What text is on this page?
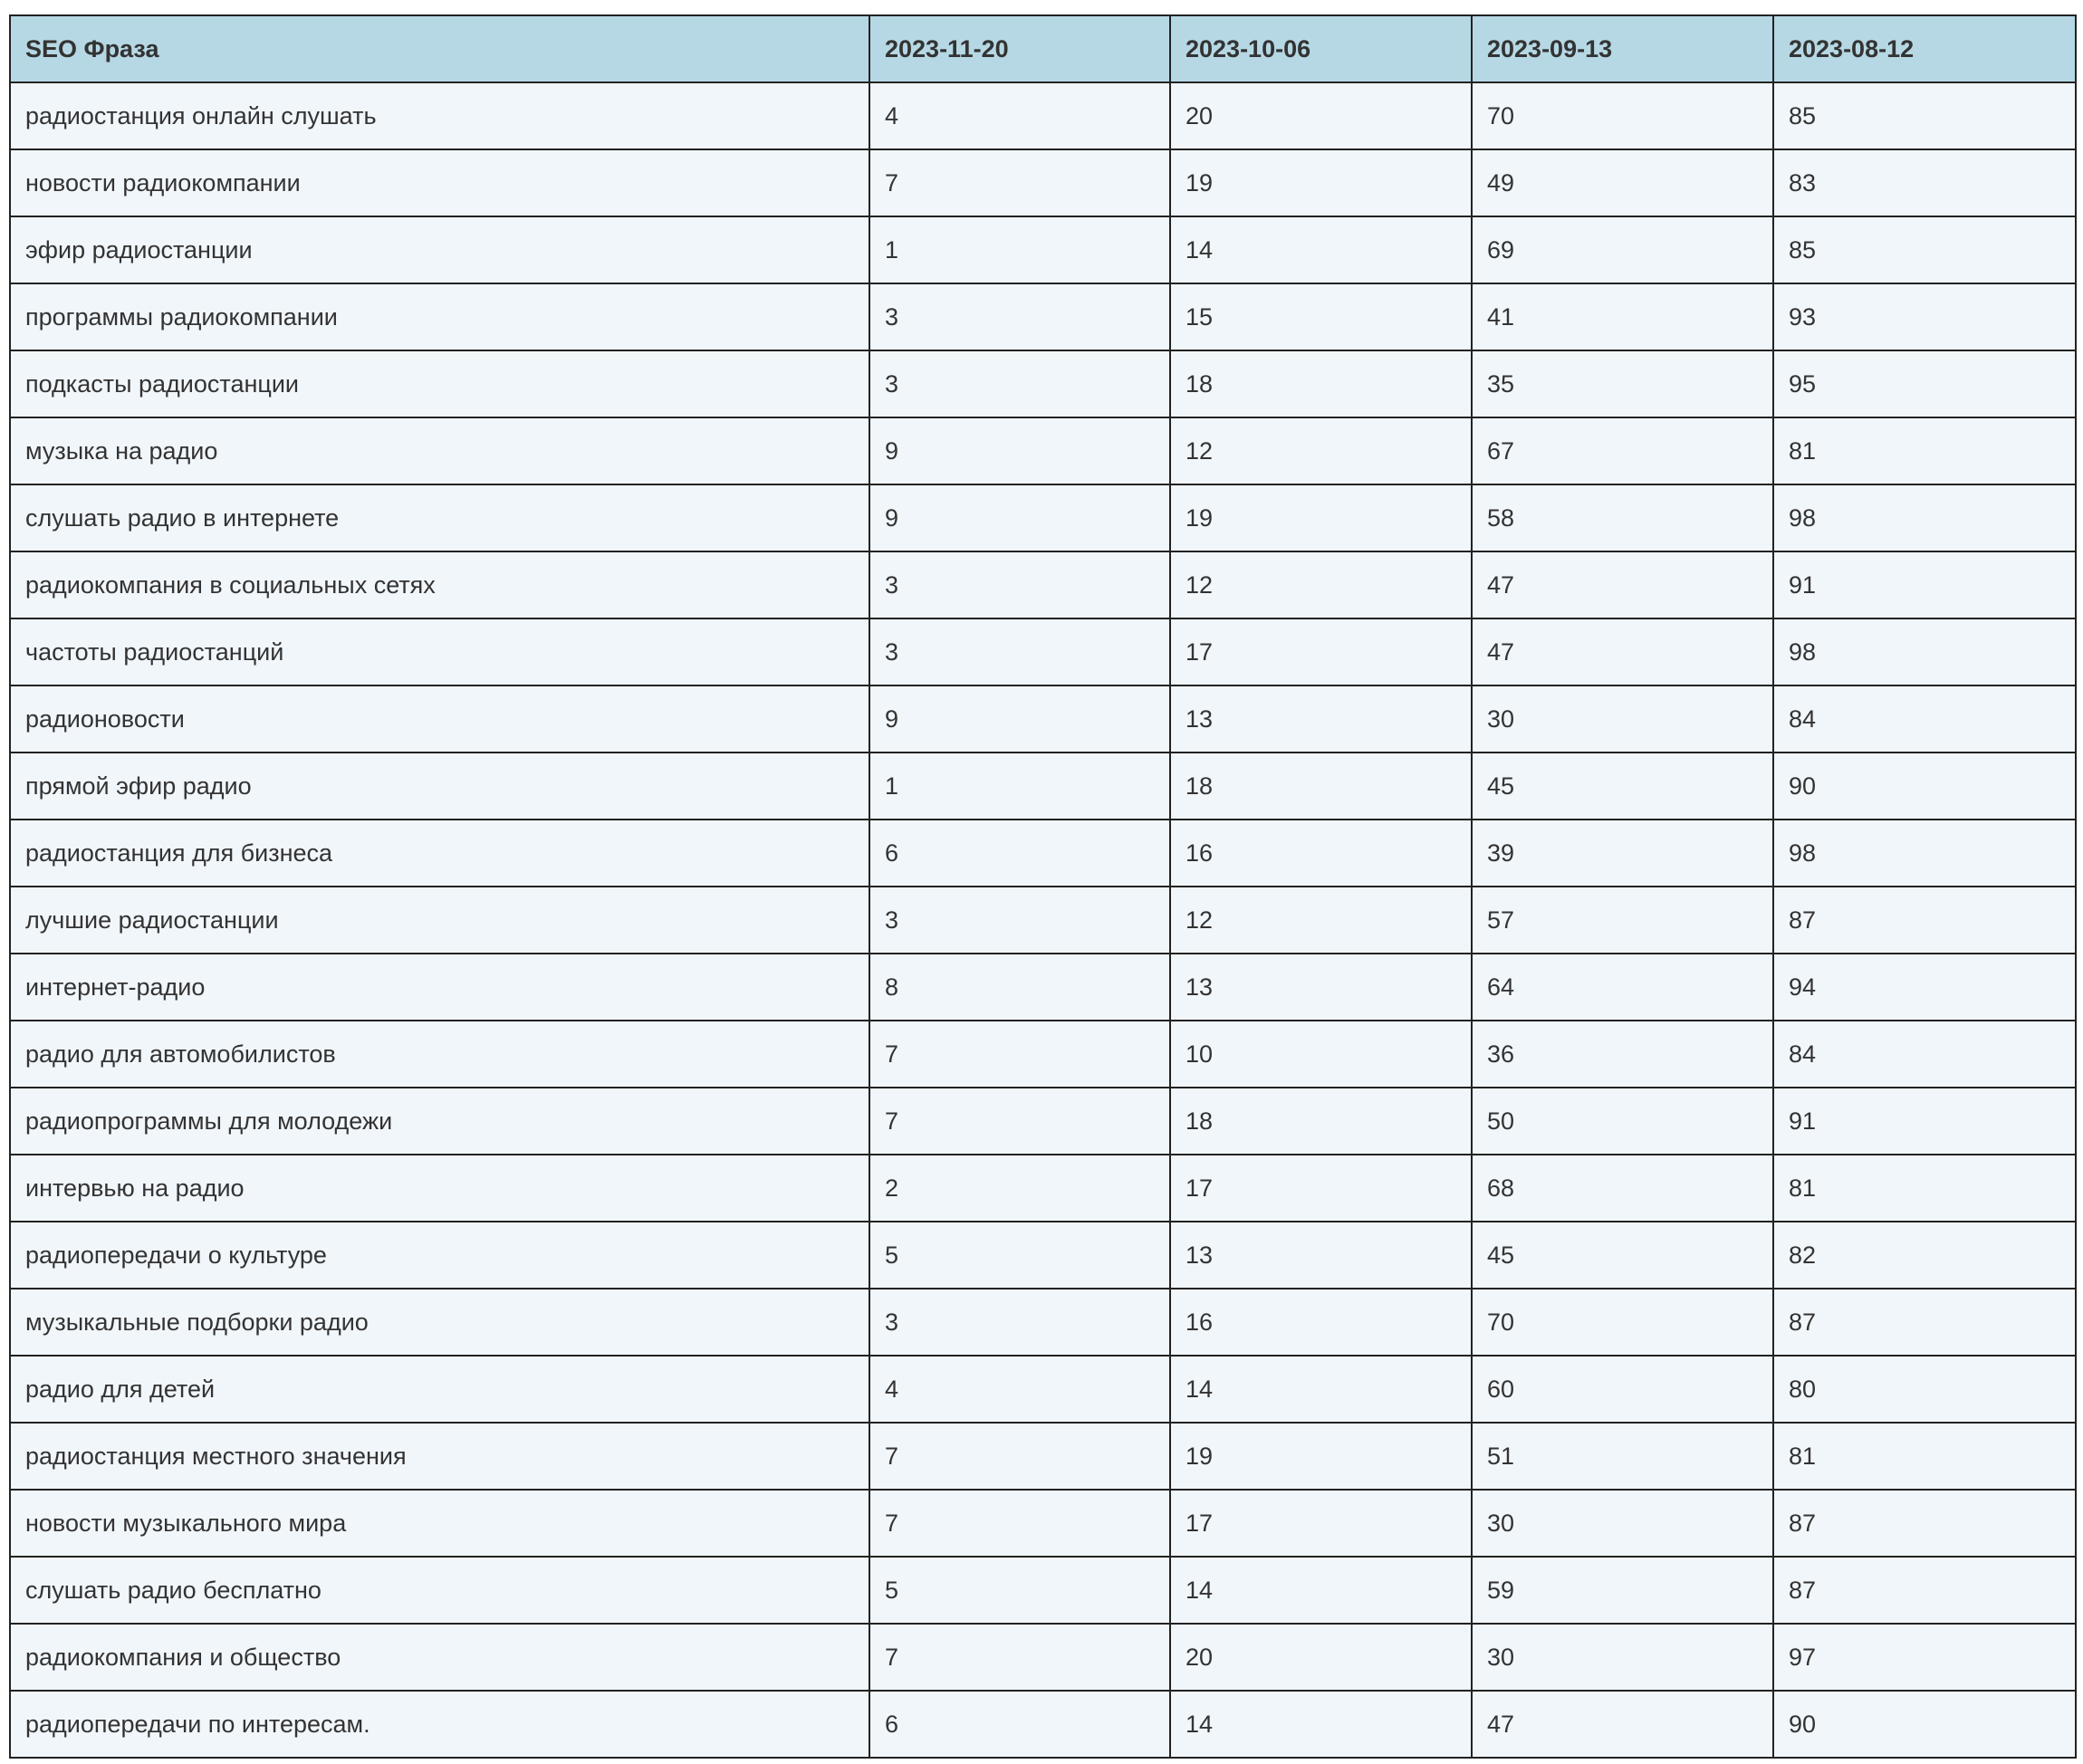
SEO Фраза	2023-11-20	2023-10-06	2023-09-13	2023-08-12
радиостанция онлайн слушать	4	20	70	85
новости радиокомпании	7	19	49	83
эфир радиостанции	1	14	69	85
программы радиокомпании	3	15	41	93
подкасты радиостанции	3	18	35	95
музыка на радио	9	12	67	81
слушать радио в интернете	9	19	58	98
радиокомпания в социальных сетях	3	12	47	91
частоты радиостанций	3	17	47	98
радионовости	9	13	30	84
прямой эфир радио	1	18	45	90
радиостанция для бизнеса	6	16	39	98
лучшие радиостанции	3	12	57	87
интернет-радио	8	13	64	94
радио для автомобилистов	7	10	36	84
радиопрограммы для молодежи	7	18	50	91
интервью на радио	2	17	68	81
радиопередачи о культуре	5	13	45	82
музыкальные подборки радио	3	16	70	87
радио для детей	4	14	60	80
радиостанция местного значения	7	19	51	81
новости музыкального мира	7	17	30	87
слушать радио бесплатно	5	14	59	87
радиокомпания и общество	7	20	30	97
радиопередачи по интересам.	6	14	47	90
